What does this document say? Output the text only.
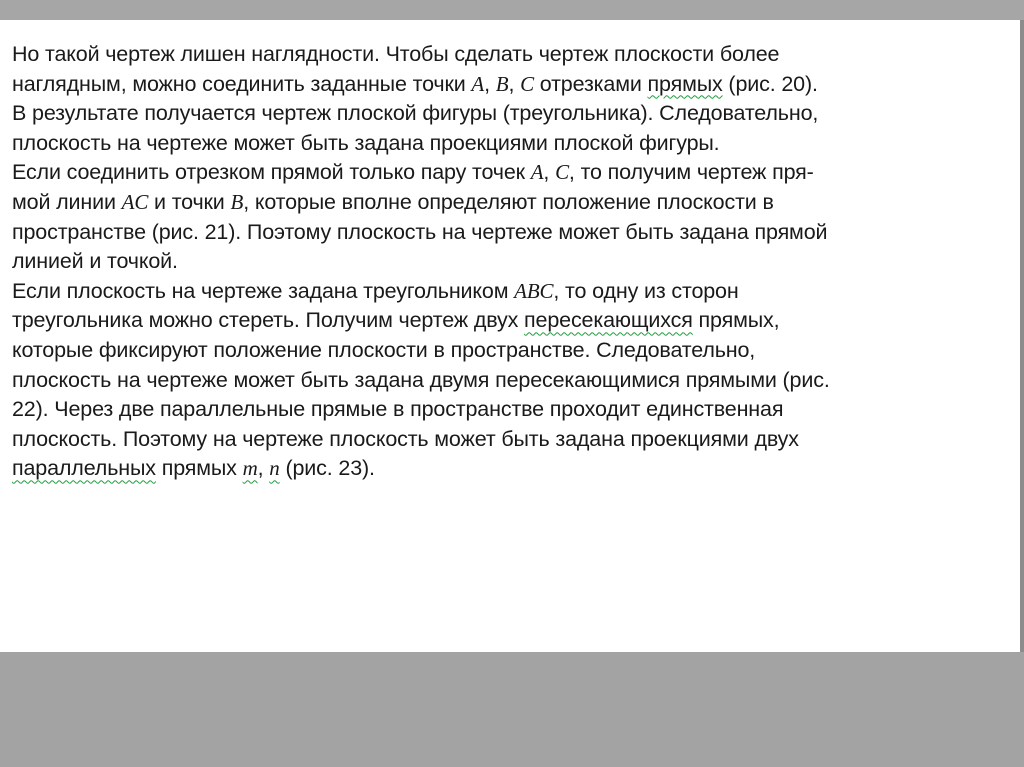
Но такой чертеж лишен наглядности. Чтобы сделать чертеж плоскости более
наглядным, можно соединить заданные точки A, B, C отрезками прямых (рис. 20).
В результате получается чертеж плоской фигуры (треугольника). Следовательно,
плоскость на чертеже может быть задана проекциями плоской фигуры.
Если соединить отрезком прямой только пару точек A, C, то получим чертеж пря-
мой линии AC и точки B, которые вполне определяют положение плоскости в
пространстве (рис. 21). Поэтому плоскость на чертеже может быть задана прямой
линией и точкой.
Если плоскость на чертеже задана треугольником ABC, то одну из сторон
треугольника можно стереть. Получим чертеж двух пересекающихся прямых,
которые фиксируют положение плоскости в пространстве. Следовательно,
плоскость на чертеже может быть задана двумя пересекающимися прямыми (рис.
22). Через две параллельные прямые в пространстве проходит единственная
плоскость. Поэтому на чертеже плоскость может быть задана проекциями двух
параллельных прямых m, n (рис. 23).
